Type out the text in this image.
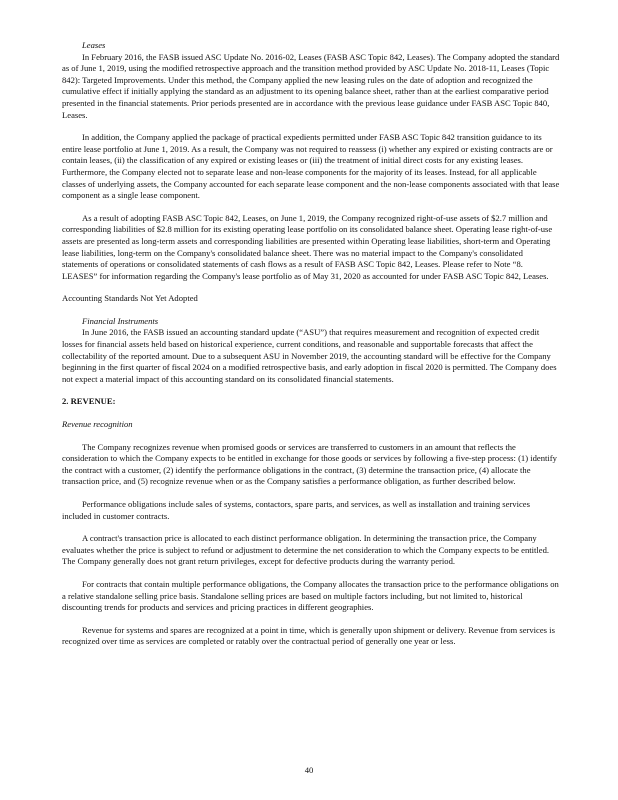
Leases

In February 2016, the FASB issued ASC Update No. 2016-02, Leases (FASB ASC Topic 842, Leases). The Company adopted the standard as of June 1, 2019, using the modified retrospective approach and the transition method provided by ASC Update No. 2018-11, Leases (Topic 842): Targeted Improvements. Under this method, the Company applied the new leasing rules on the date of adoption and recognized the cumulative effect if initially applying the standard as an adjustment to its opening balance sheet, rather than at the earliest comparative period presented in the financial statements. Prior periods presented are in accordance with the previous lease guidance under FASB ASC Topic 840, Leases.

In addition, the Company applied the package of practical expedients permitted under FASB ASC Topic 842 transition guidance to its entire lease portfolio at June 1, 2019. As a result, the Company was not required to reassess (i) whether any expired or existing contracts are or contain leases, (ii) the classification of any expired or existing leases or (iii) the treatment of initial direct costs for any existing leases. Furthermore, the Company elected not to separate lease and non-lease components for the majority of its leases. Instead, for all applicable classes of underlying assets, the Company accounted for each separate lease component and the non-lease components associated with that lease component as a single lease component.

As a result of adopting FASB ASC Topic 842, Leases, on June 1, 2019, the Company recognized right-of-use assets of $2.7 million and corresponding liabilities of $2.8 million for its existing operating lease portfolio on its consolidated balance sheet. Operating lease right-of-use assets are presented as long-term assets and corresponding liabilities are presented within Operating lease liabilities, short-term and Operating lease liabilities, long-term on the Company's consolidated balance sheet. There was no material impact to the Company's consolidated statements of operations or consolidated statements of cash flows as a result of FASB ASC Topic 842, Leases. Please refer to Note “8. LEASES” for information regarding the Company's lease portfolio as of May 31, 2020 as accounted for under FASB ASC Topic 842, Leases.

Accounting Standards Not Yet Adopted

Financial Instruments

In June 2016, the FASB issued an accounting standard update (“ASU”) that requires measurement and recognition of expected credit losses for financial assets held based on historical experience, current conditions, and reasonable and supportable forecasts that affect the collectability of the reported amount. Due to a subsequent ASU in November 2019, the accounting standard will be effective for the Company beginning in the first quarter of fiscal 2024 on a modified retrospective basis, and early adoption in fiscal 2020 is permitted. The Company does not expect a material impact of this accounting standard on its consolidated financial statements.

2. REVENUE:

Revenue recognition

The Company recognizes revenue when promised goods or services are transferred to customers in an amount that reflects the consideration to which the Company expects to be entitled in exchange for those goods or services by following a five-step process: (1) identify the contract with a customer, (2) identify the performance obligations in the contract, (3) determine the transaction price, (4) allocate the transaction price, and (5) recognize revenue when or as the Company satisfies a performance obligation, as further described below.

Performance obligations include sales of systems, contactors, spare parts, and services, as well as installation and training services included in customer contracts.

A contract's transaction price is allocated to each distinct performance obligation. In determining the transaction price, the Company evaluates whether the price is subject to refund or adjustment to determine the net consideration to which the Company expects to be entitled. The Company generally does not grant return privileges, except for defective products during the warranty period.

For contracts that contain multiple performance obligations, the Company allocates the transaction price to the performance obligations on a relative standalone selling price basis. Standalone selling prices are based on multiple factors including, but not limited to, historical discounting trends for products and services and pricing practices in different geographies.

Revenue for systems and spares are recognized at a point in time, which is generally upon shipment or delivery. Revenue from services is recognized over time as services are completed or ratably over the contractual period of generally one year or less.

40
